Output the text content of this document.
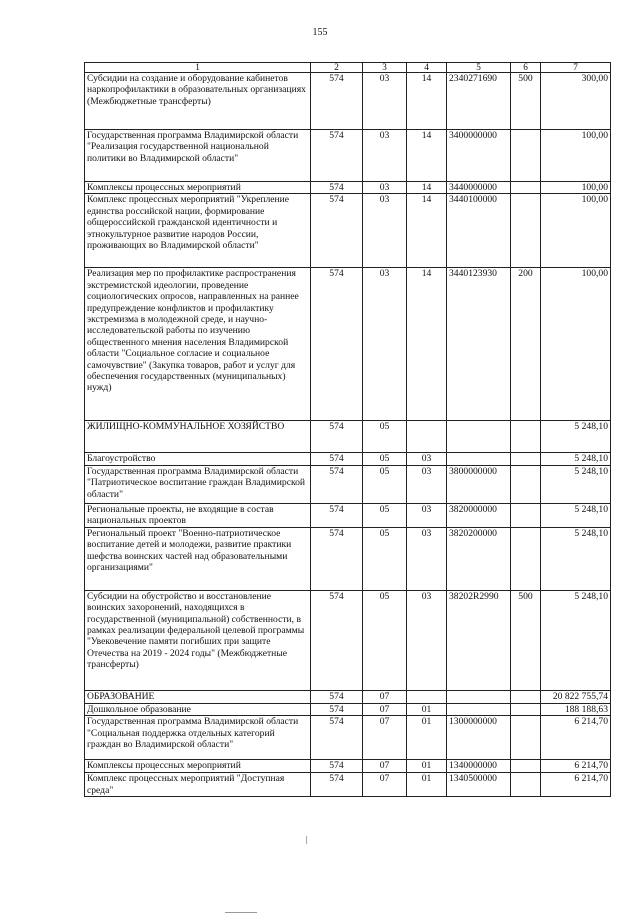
155
1	2	3	4	5	6	7
Субсидии на создание и оборудование кабинетов наркопрофилактики в образовательных организациях (Межбюджетные трансферты)	574	03	14	2340271690	500	300,00
Государственная программа Владимирской области "Реализация государственной национальной политики во Владимирской области"	574	03	14	3400000000		100,00
Комплексы процессных мероприятий	574	03	14	3440000000		100,00
Комплекс процессных мероприятий "Укрепление единства российской нации, формирование общероссийской гражданской идентичности и этнокультурное развитие народов России, проживающих во Владимирской области"	574	03	14	3440100000		100,00
Реализация мер по профилактике распространения экстремистской идеологии, проведение социологических опросов, направленных на раннее предупреждение конфликтов и профилактику экстремизма в молодежной среде, и научно-исследовательской работы по изучению общественного мнения населения Владимирской области "Социальное согласие и социальное самочувствие" (Закупка товаров, работ и услуг для обеспечения государственных (муниципальных) нужд)	574	03	14	3440123930	200	100,00
ЖИЛИЩНО-КОММУНАЛЬНОЕ ХОЗЯЙСТВО	574	05				5 248,10
Благоустройство	574	05	03			5 248,10
Государственная программа Владимирской области "Патриотическое воспитание граждан Владимирской области"	574	05	03	3800000000		5 248,10
Региональные проекты, не входящие в состав национальных проектов	574	05	03	3820000000		5 248,10
Региональный проект "Военно-патриотическое воспитание детей и молодежи, развитие практики шефства воинских частей над образовательными организациями"	574	05	03	3820200000		5 248,10
Субсидии на обустройство и восстановление воинских захоронений, находящихся в государственной (муниципальной) собственности, в рамках реализации федеральной целевой программы "Увековечение памяти погибших при защите Отечества на 2019 - 2024 годы" (Межбюджетные трансферты)	574	05	03	38202R2990	500	5 248,10
ОБРАЗОВАНИЕ	574	07				20 822 755,74
Дошкольное образование	574	07	01			188 188,63
Государственная программа Владимирской области "Социальная поддержка отдельных категорий граждан во Владимирской области"	574	07	01	1300000000		6 214,70
Комплексы процессных мероприятий	574	07	01	1340000000		6 214,70
Комплекс процессных мероприятий "Доступная среда"	574	07	01	1340500000		6 214,70
